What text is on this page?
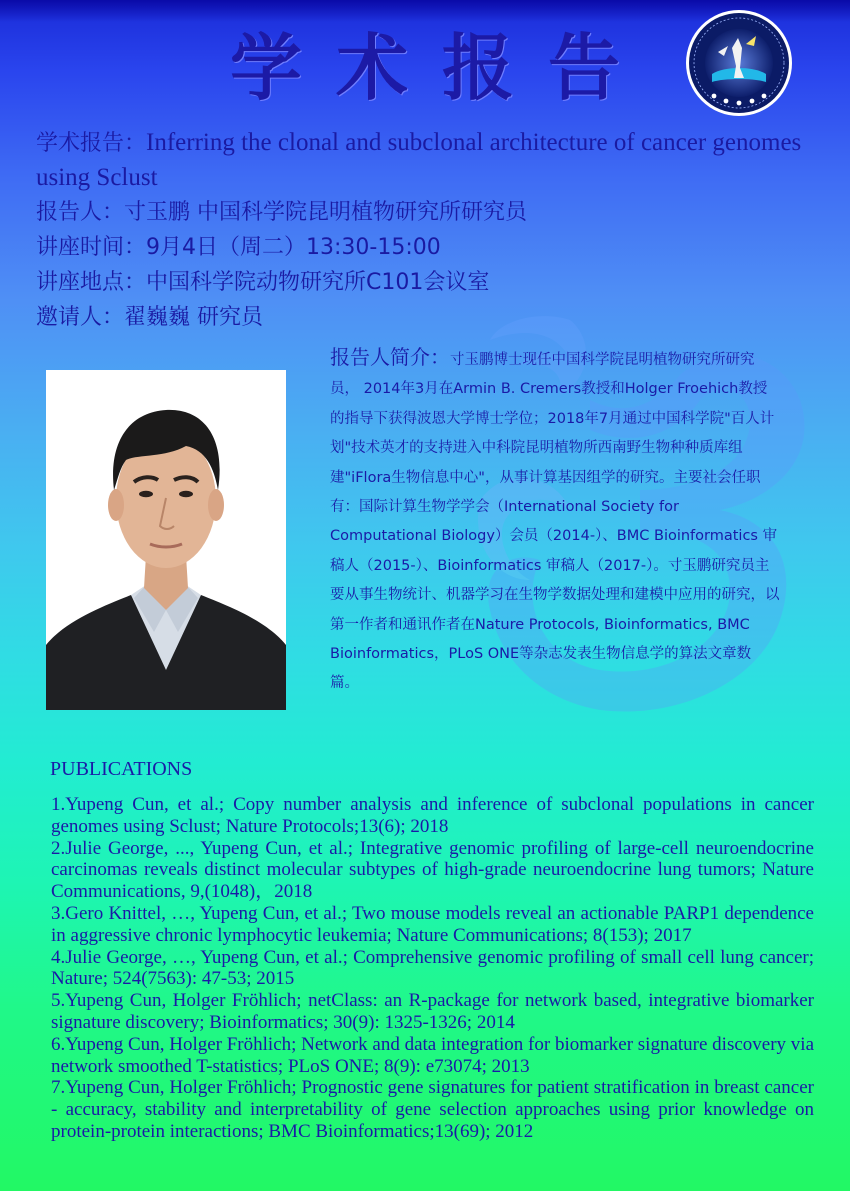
学术报告
学术报告：Inferring the clonal and subclonal architecture of cancer genomes using Sclust
报告人：寸玉鹏 中国科学院昆明植物研究所研究员
讲座时间：9月4日（周二）13:30-15:00
讲座地点：中国科学院动物研究所C101会议室
邀请人：翟巍巍 研究员
报告人简介：寸玉鹏博士现任中国科学院昆明植物研究所研究员， 2014年3月在Armin B. Cremers教授和Holger Froehich教授的指导下获得波恩大学博士学位；2018年7月通过中国科学院"百人计划"技术英才的支持进入中科院昆明植物所西南野生物种种质库组建"iFlora生物信息中心"，从事计算基因组学的研究。主要社会任职有：国际计算生物学学会（International Society for Computational Biology）会员（2014-）、BMC Bioinformatics 审稿人（2015-）、Bioinformatics 审稿人（2017-）。寸玉鹏研究员主要从事生物统计、机器学习在生物学数据处理和建模中应用的研究，以第一作者和通讯作者在Nature Protocols, Bioinformatics, BMC Bioinformatics，PLoS ONE等杂志发表生物信息学的算法文章数篇。
PUBLICATIONS
1.Yupeng Cun, et al.; Copy number analysis and inference of subclonal populations in cancer genomes using Sclust; Nature Protocols;13(6); 2018
2.Julie George, ..., Yupeng Cun, et al.; Integrative genomic profiling of large-cell neuroendocrine carcinomas reveals distinct molecular subtypes of high-grade neuroendocrine lung tumors; Nature Communications, 9,(1048)，2018
3.Gero Knittel, …, Yupeng Cun, et al.; Two mouse models reveal an actionable PARP1 dependence in aggressive chronic lymphocytic leukemia; Nature Communications; 8(153); 2017
4.Julie George, …, Yupeng Cun, et al.; Comprehensive genomic profiling of small cell lung cancer; Nature; 524(7563): 47-53; 2015
5.Yupeng Cun, Holger Fröhlich; netClass: an R-package for network based, integrative biomarker signature discovery; Bioinformatics; 30(9): 1325-1326; 2014
6.Yupeng Cun, Holger Fröhlich; Network and data integration for biomarker signature discovery via network smoothed T-statistics; PLoS ONE; 8(9): e73074; 2013
7.Yupeng Cun, Holger Fröhlich; Prognostic gene signatures for patient stratification in breast cancer - accuracy, stability and interpretability of gene selection approaches using prior knowledge on protein-protein interactions; BMC Bioinformatics;13(69); 2012
